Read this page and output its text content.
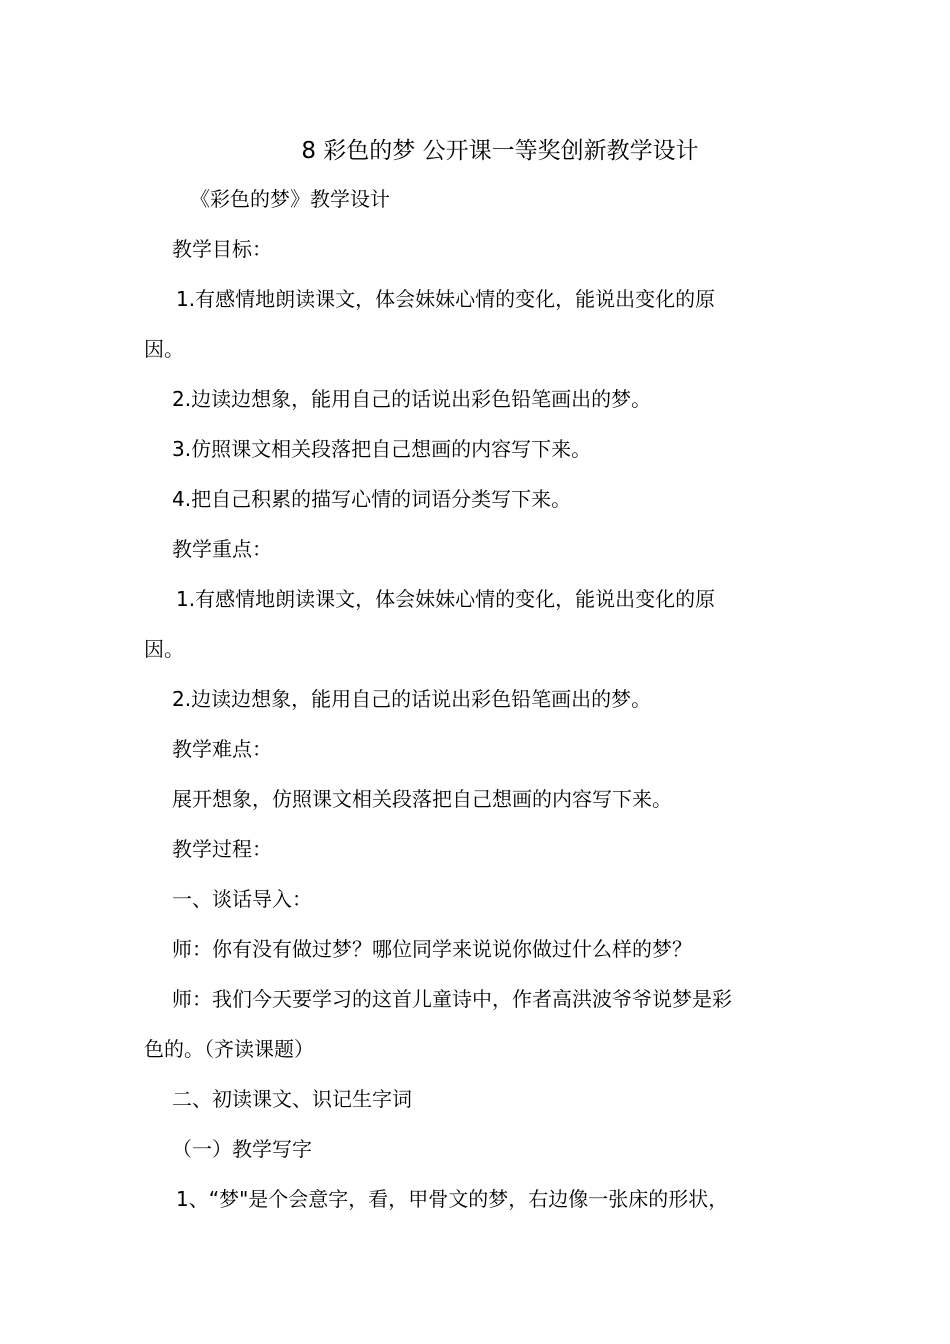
8 彩色的梦 公开课一等奖创新教学设计
《彩色的梦》教学设计
教学目标：
1.有感情地朗读课文，体会妹妹心情的变化，能说出变化的原
因。
2.边读边想象，能用自己的话说出彩色铅笔画出的梦。
3.仿照课文相关段落把自己想画的内容写下来。
4.把自己积累的描写心情的词语分类写下来。
教学重点：
1.有感情地朗读课文，体会妹妹心情的变化，能说出变化的原
因。
2.边读边想象，能用自己的话说出彩色铅笔画出的梦。
教学难点：
展开想象，仿照课文相关段落把自己想画的内容写下来。
教学过程：
一、谈话导入：
师：你有没有做过梦？哪位同学来说说你做过什么样的梦？
师：我们今天要学习的这首儿童诗中，作者高洪波爷爷说梦是彩
色的。（齐读课题）
二、初读课文、识记生字词
（一）教学写字
1、“梦"是个会意字，看，甲骨文的梦，右边像一张床的形状，
